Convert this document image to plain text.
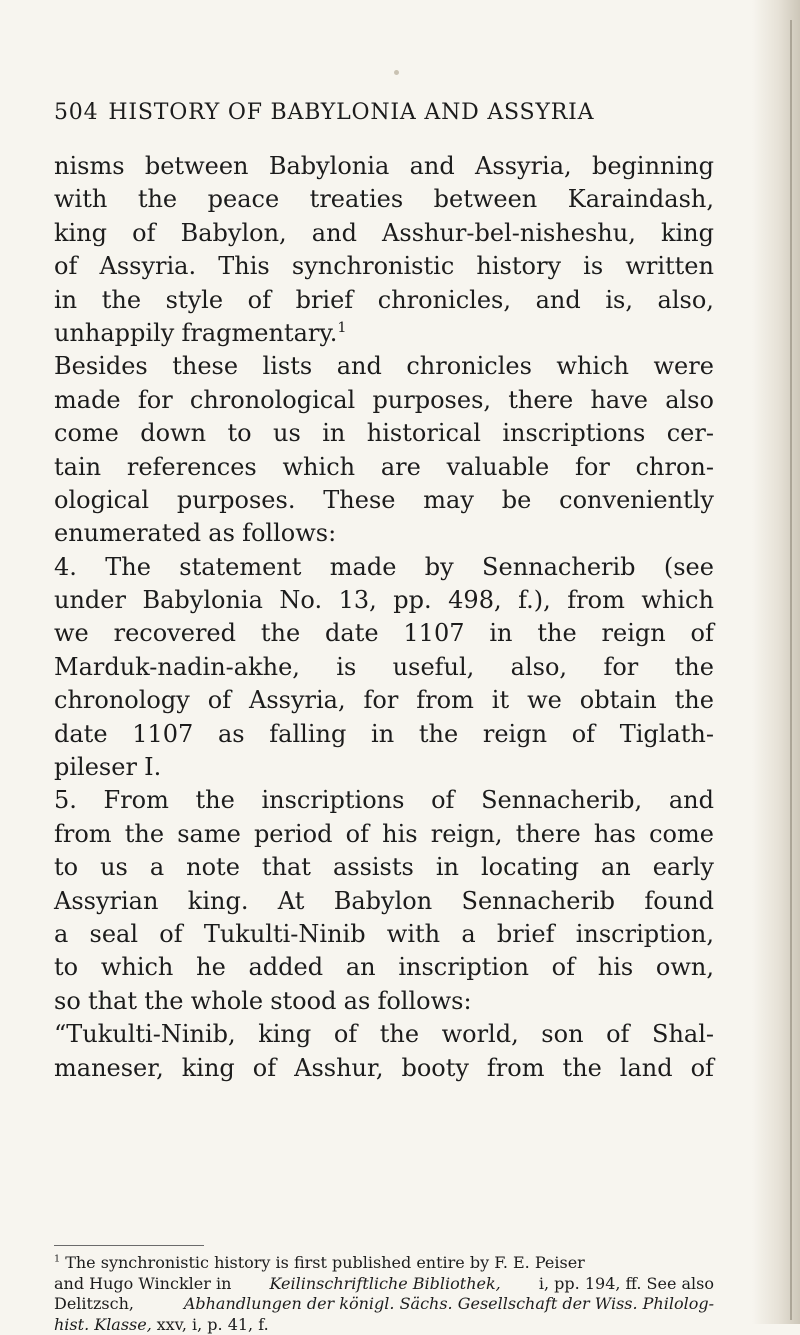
504 HISTORY OF BABYLONIA AND ASSYRIA
nisms between Babylonia and Assyria, beginning
with the peace treaties between Karaindash,
king of Babylon, and Asshur-bel-nisheshu, king
of Assyria. This synchronistic history is written
in the style of brief chronicles, and is, also,
unhappily fragmentary.$^1$
Besides these lists and chronicles which were
made for chronological purposes, there have also
come down to us in historical inscriptions cer-
tain references which are valuable for chron-
ological purposes. These may be conveniently
enumerated as follows:
4. The statement made by Sennacherib (see
under Babylonia No. 13, pp. 498, f.), from which
we recovered the date 1107 in the reign of
Marduk-nadin-akhe, is useful, also, for the
chronology of Assyria, for from it we obtain the
date 1107 as falling in the reign of Tiglath-
pileser I.
5. From the inscriptions of Sennacherib, and
from the same period of his reign, there has come
to us a note that assists in locating an early
Assyrian king. At Babylon Sennacherib found
a seal of Tukulti-Ninib with a brief inscription,
to which he added an inscription of his own,
so that the whole stood as follows:
“Tukulti-Ninib, king of the world, son of Shal-
maneser, king of Asshur, booty from the land of
$^1$ The synchronistic history is first published entire by F. E. Peiser
and Hugo Winckler in Keilinschriftliche Bibliothek, i, pp. 194, ff. See also
Delitzsch,	Abhandlungen der königl. Sächs. Gesellschaft der Wiss. Philolog-
hist. Klasse, xxv, i, p. 41, f.
